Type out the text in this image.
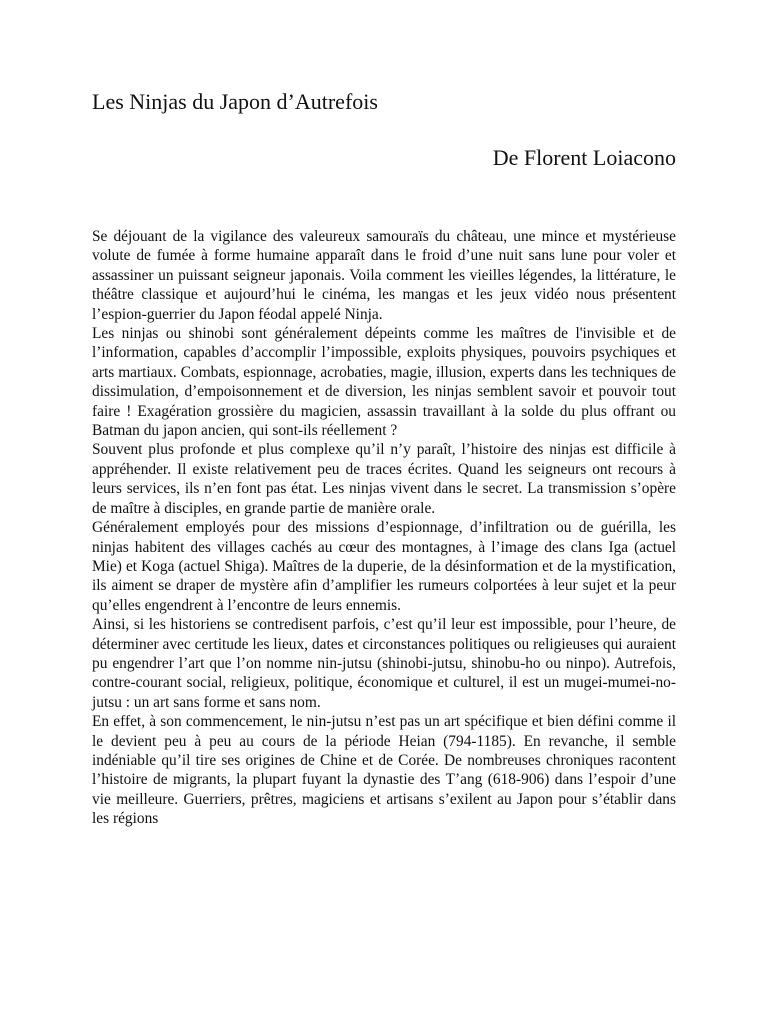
Les Ninjas du Japon d’Autrefois
De Florent Loiacono

Se déjouant de la vigilance des valeureux samouraïs du château, une mince et mystérieuse volute de fumée à forme humaine apparaît dans le froid d’une nuit sans lune pour voler et assassiner un puissant seigneur japonais. Voila comment les vieilles légendes, la littérature, le théâtre classique et aujourd’hui le cinéma, les mangas et les jeux vidéo nous présentent l’espion-guerrier du Japon féodal appelé Ninja.

Les ninjas ou shinobi sont généralement dépeints comme les maîtres de l'invisible et de l’information, capables d’accomplir l’impossible, exploits physiques, pouvoirs psychiques et arts martiaux. Combats, espionnage, acrobaties, magie, illusion, experts dans les techniques de dissimulation, d’empoisonnement et de diversion, les ninjas semblent savoir et pouvoir tout faire ! Exagération grossière du magicien, assassin travaillant à la solde du plus offrant ou Batman du japon ancien, qui sont-ils réellement ?

Souvent plus profonde et plus complexe qu’il n’y paraît, l’histoire des ninjas est difficile à appréhender. Il existe relativement peu de traces écrites. Quand les seigneurs ont recours à leurs services, ils n’en font pas état. Les ninjas vivent dans le secret. La transmission s’opère de maître à disciples, en grande partie de manière orale.

Généralement employés pour des missions d’espionnage, d’infiltration ou de guérilla, les ninjas habitent des villages cachés au cœur des montagnes, à l’image des clans Iga (actuel Mie) et Koga (actuel Shiga). Maîtres de la duperie, de la désinformation et de la mystification, ils aiment se draper de mystère afin d’amplifier les rumeurs colportées à leur sujet et la peur qu’elles engendrent à l’encontre de leurs ennemis.

Ainsi, si les historiens se contredisent parfois, c’est qu’il leur est impossible, pour l’heure, de déterminer avec certitude les lieux, dates et circonstances politiques ou religieuses qui auraient pu engendrer l’art que l’on nomme nin-jutsu (shinobi-jutsu, shinobu-ho ou ninpo). Autrefois, contre-courant social, religieux, politique, économique et culturel, il est un mugei-mumei-no-jutsu : un art sans forme et sans nom.

En effet, à son commencement, le nin-jutsu n’est pas un art spécifique et bien défini comme il le devient peu à peu au cours de la période Heian (794-1185). En revanche, il semble indéniable qu’il tire ses origines de Chine et de Corée. De nombreuses chroniques racontent l’histoire de migrants, la plupart fuyant la dynastie des T’ang (618-906) dans l’espoir d’une vie meilleure. Guerriers, prêtres, magiciens et artisans s’exilent au Japon pour s’établir dans les régions
